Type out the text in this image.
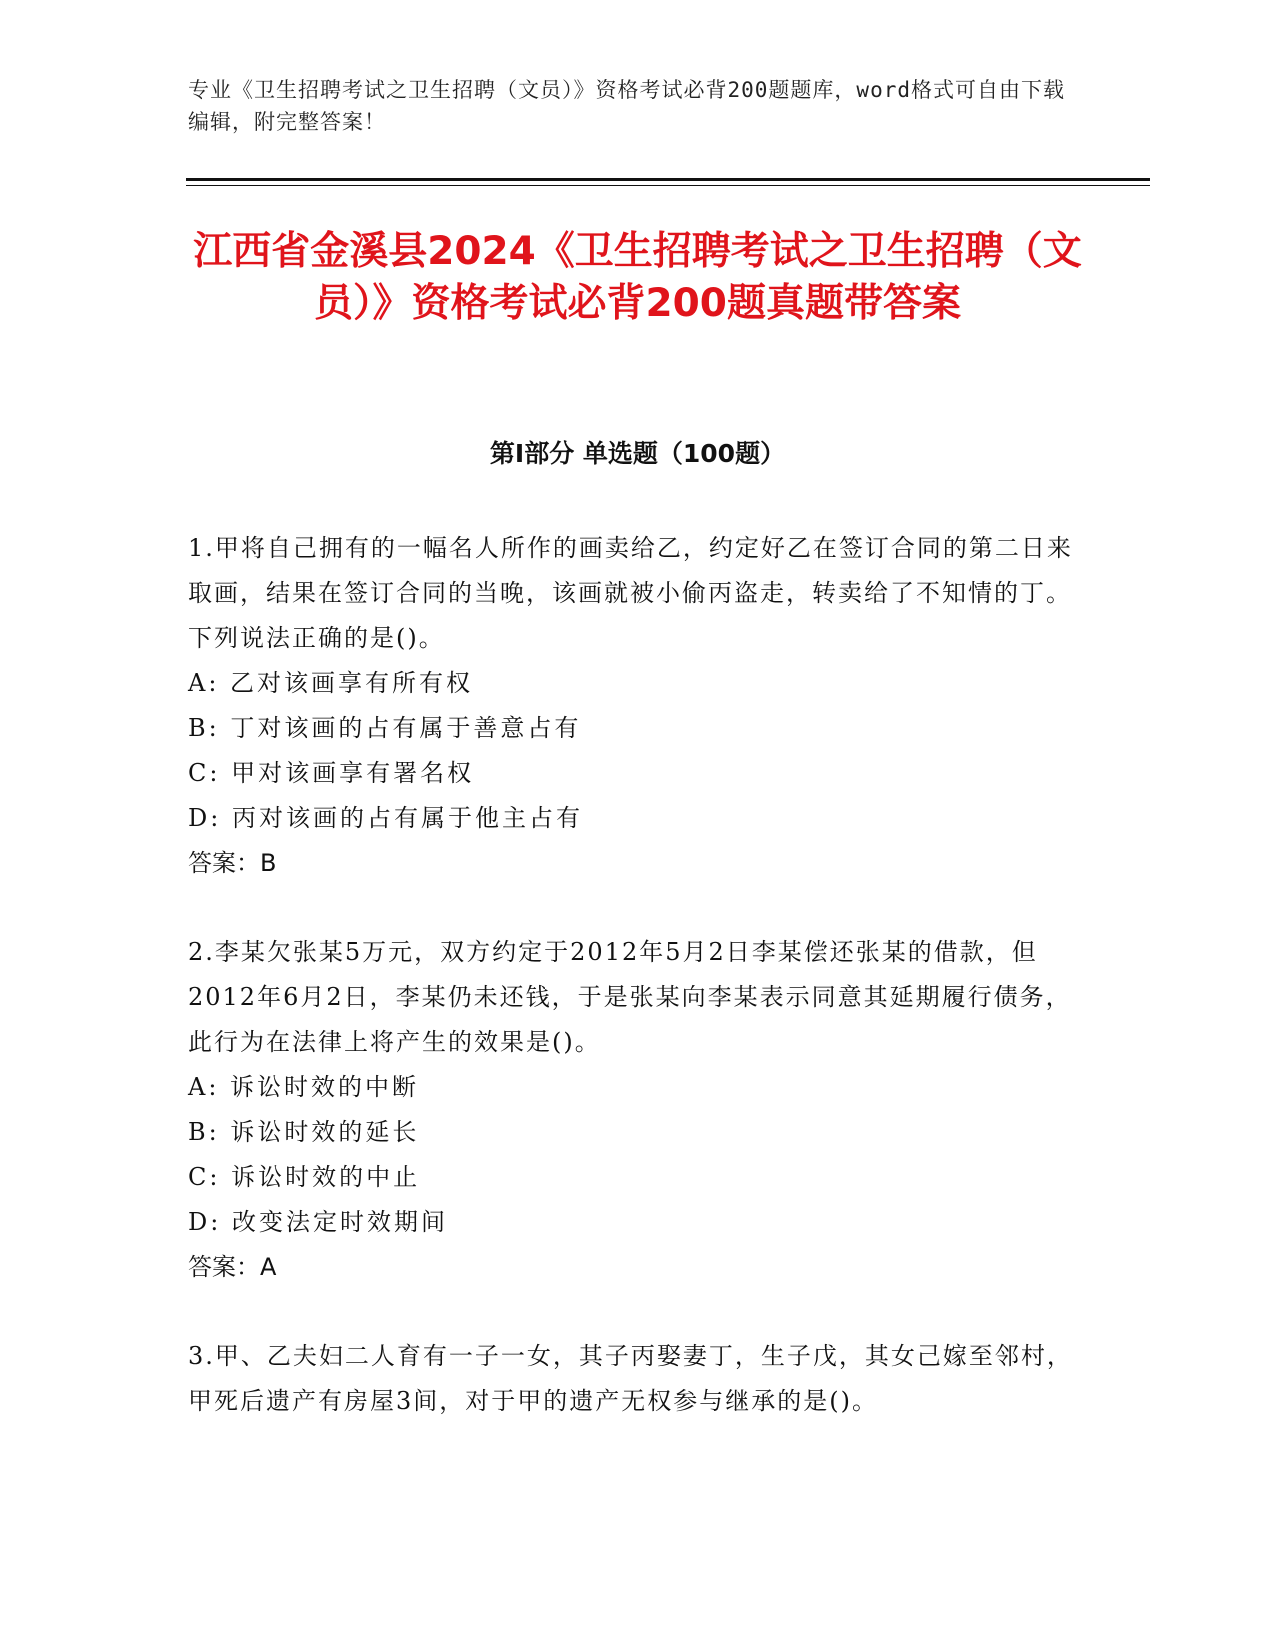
专业《卫生招聘考试之卫生招聘（文员）》资格考试必背200题题库，word格式可自由下载编辑，附完整答案！
江西省金溪县2024《卫生招聘考试之卫生招聘（文员）》资格考试必背200题真题带答案
第I部分 单选题（100题）

1.甲将自己拥有的一幅名人所作的画卖给乙，约定好乙在签订合同的第二日来取画，结果在签订合同的当晚，该画就被小偷丙盗走，转卖给了不知情的丁。下列说法正确的是()。

A: 乙对该画享有所有权
B: 丁对该画的占有属于善意占有
C: 甲对该画享有署名权
D: 丙对该画的占有属于他主占有

答案：B

2.李某欠张某5万元，双方约定于2012年5月2日李某偿还张某的借款，但2012年6月2日，李某仍未还钱，于是张某向李某表示同意其延期履行债务，此行为在法律上将产生的效果是()。

A: 诉讼时效的中断
B: 诉讼时效的延长
C: 诉讼时效的中止
D: 改变法定时效期间

答案：A

3.甲、乙夫妇二人育有一子一女，其子丙娶妻丁，生子戊，其女己嫁至邻村，甲死后遗产有房屋3间，对于甲的遗产无权参与继承的是()。
